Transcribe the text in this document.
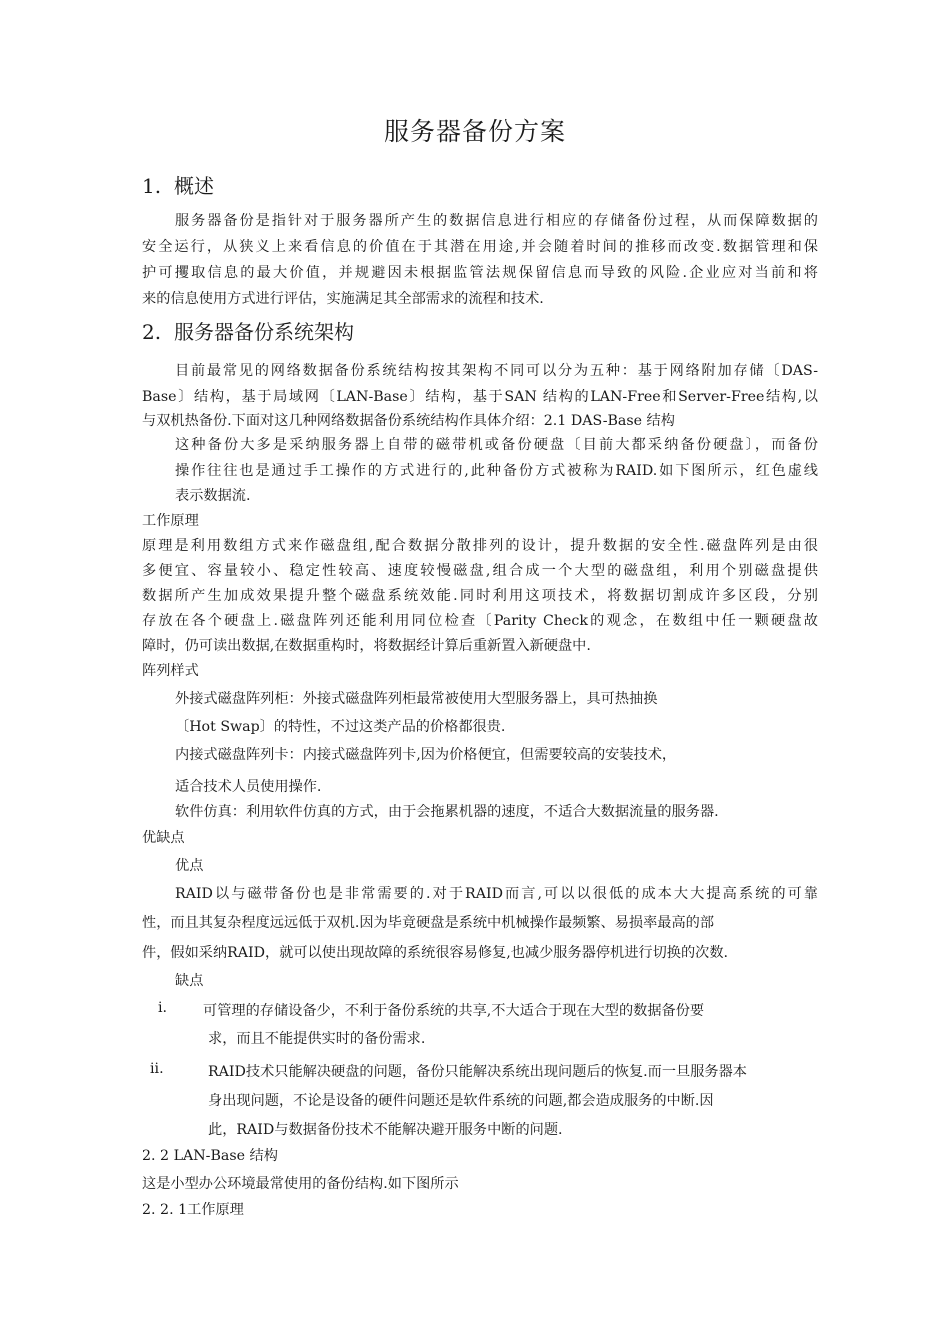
服务器备份方案
1. 概述
服务器备份是指针对于服务器所产生的数据信息进行相应的存储备份过程，从而保障数据的
安全运行，从狭义上来看信息的价值在于其潜在用途,并会随着时间的推移而改变.数据管理和保
护可攫取信息的最大价值，并规避因未根据监管法规保留信息而导致的风险.企业应对当前和将
来的信息使用方式进行评估，实施满足其全部需求的流程和技术.
2. 服务器备份系统架构
目前最常见的网络数据备份系统结构按其架构不同可以分为五种：基于网络附加存储〔DAS-
Base〕结构，基于局域网〔LAN-Base〕结构，基于SAN 结构的LAN-Free和Server-Free结构,以
与双机热备份.下面对这几种网络数据备份系统结构作具体介绍：2.1 DAS-Base 结构
这种备份大多是采纳服务器上自带的磁带机或备份硬盘〔目前大都采纳备份硬盘〕，而备份
操作往往也是通过手工操作的方式进行的,此种备份方式被称为RAID.如下图所示，红色虚线
表示数据流.
工作原理
原理是利用数组方式来作磁盘组,配合数据分散排列的设计，提升数据的安全性.磁盘阵列是由很
多便宜、容量较小、稳定性较高、速度较慢磁盘,组合成一个大型的磁盘组，利用个别磁盘提供
数据所产生加成效果提升整个磁盘系统效能.同时利用这项技术，将数据切割成许多区段，分别
存放在各个硬盘上.磁盘阵列还能利用同位检查〔Parity Check的观念，在数组中任一颗硬盘故
障时，仍可读出数据,在数据重构时，将数据经计算后重新置入新硬盘中.
阵列样式
外接式磁盘阵列柜：外接式磁盘阵列柜最常被使用大型服务器上，具可热抽换
〔Hot Swap〕的特性，不过这类产品的价格都很贵.
内接式磁盘阵列卡：内接式磁盘阵列卡,因为价格便宜，但需要较高的安装技术，
适合技术人员使用操作.
软件仿真：利用软件仿真的方式，由于会拖累机器的速度，不适合大数据流量的服务器.
优缺点
优点
RAID以与磁带备份也是非常需要的.对于RAID而言,可以以很低的成本大大提高系统的可靠
性，而且其复杂程度远远低于双机.因为毕竟硬盘是系统中机械操作最频繁、易损率最高的部
件，假如采纳RAID，就可以使出现故障的系统很容易修复,也减少服务器停机进行切换的次数.
缺点
i.	可管理的存储设备少，不利于备份系统的共享,不大适合于现在大型的数据备份要
求，而且不能提供实时的备份需求.
ii.	RAID技术只能解决硬盘的问题，备份只能解决系统出现问题后的恢复.而一旦服务器本
身出现问题，不论是设备的硬件问题还是软件系统的问题,都会造成服务的中断.因
此，RAID与数据备份技术不能解决避开服务中断的问题.
2. 2 LAN-Base 结构
这是小型办公环境最常使用的备份结构.如下图所示
2. 2. 1工作原理
